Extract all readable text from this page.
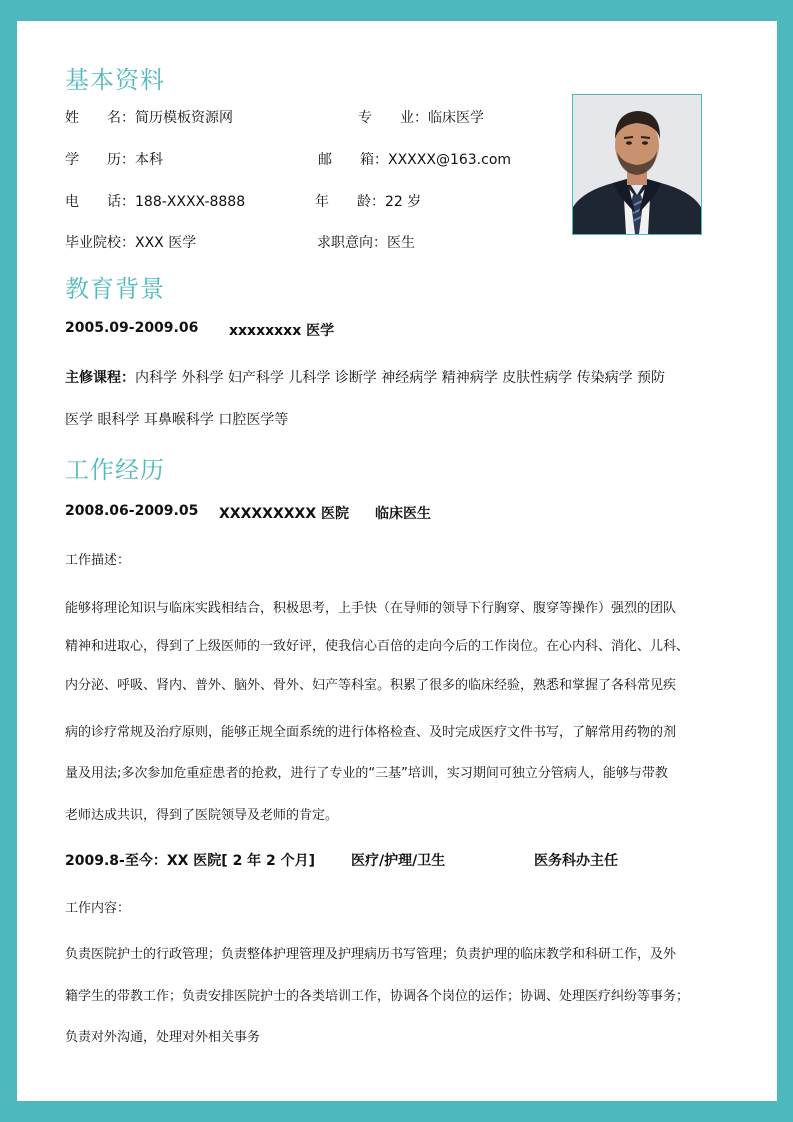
基本资料
姓　　名：简历模板资源网	专　　业：临床医学
学　　历：本科	邮　　箱：XXXXX@163.com
电　　话：188-XXXX-8888	年　　龄：22 岁
毕业院校：XXX 医学	求职意向：医生
教育背景
2005.09-2009.06 xxxxxxxx 医学
主修课程：内科学 外科学 妇产科学 儿科学 诊断学 神经病学 精神病学 皮肤性病学 传染病学 预防
医学 眼科学 耳鼻喉科学 口腔医学等
工作经历
2008.06-2009.05 XXXXXXXXX 医院 临床医生
工作描述：
能够将理论知识与临床实践相结合，积极思考，上手快（在导师的领导下行胸穿、腹穿等操作）强烈的团队
精神和进取心，得到了上级医师的一致好评，使我信心百倍的走向今后的工作岗位。在心内科、消化、儿科、
内分泌、呼吸、肾内、普外、脑外、骨外、妇产等科室。积累了很多的临床经验，熟悉和掌握了各科常见疾
病的诊疗常规及治疗原则，能够正规全面系统的进行体格检查、及时完成医疗文件书写，了解常用药物的剂
量及用法;多次参加危重症患者的抢救，进行了专业的“三基”培训，实习期间可独立分管病人，能够与带教
老师达成共识，得到了医院领导及老师的肯定。
2009.8-至今：XX 医院[ 2 年 2 个月]	医疗/护理/卫生	医务科办主任
工作内容：
负责医院护士的行政管理；负责整体护理管理及护理病历书写管理；负责护理的临床教学和科研工作，及外
籍学生的带教工作；负责安排医院护士的各类培训工作，协调各个岗位的运作；协调、处理医疗纠纷等事务；
负责对外沟通，处理对外相关事务
